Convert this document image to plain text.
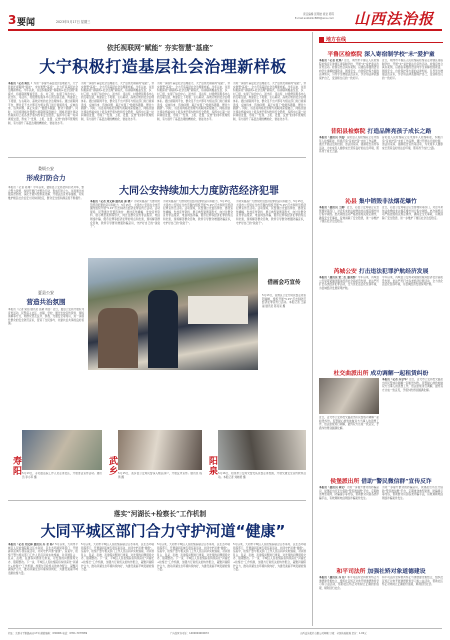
3 要闻	2023年5月17日 星期三
责任编辑 张明皓 视觉 郭琛
E-mail:sxzbzlkc888@sina.com 山西法治报
依托视联网“赋能” 夯实智慧“基座”
大宁积极打造基层社会治理新样板
本报讯（记者 陈红 ）为进一步提升基层社会治理能力，大宁县依托视联网“赋能”，夯实智慧“基座”，全力打造基层社会治理新样板。今年以来，该县积极探索“视联网+社会治理”新模式，将视联网覆盖至县、乡、村三级，实现了综治中心、派出所、司法所、村级便民服务中心的互联互通，构建起上下贯通、左右联动、高效运转的社会治理体系。通过视联网平台，群众足不出户即可与相关部门进行视频连线，反映诉求、咨询问题，真正实现了“数据多跑路、群众少跑腿”。同时，该县将网格化管理与视联网深度融合，网格员通过移动终端实时上报各类矛盾纠纷和安全隐患，指挥中心第一时间调度处置，形成了“发现、上报、处置、反馈”的闭环管理机制，有力提升了基层治理的精细化、智能化水平。
为进一步提升基层社会治理能力，大宁县依托视联网“赋能”，夯实智慧“基座”，全力打造基层社会治理新样板。今年以来，该县积极探索“视联网+社会治理”新模式，将视联网覆盖至县、乡、村三级，实现了综治中心、派出所、司法所、村级便民服务中心的互联互通，构建起上下贯通、左右联动、高效运转的社会治理体系。通过视联网平台，群众足不出户即可与相关部门进行视频连线，反映诉求、咨询问题，真正实现了“数据多跑路、群众少跑腿”。同时，该县将网格化管理与视联网深度融合，网格员通过移动终端实时上报各类矛盾纠纷和安全隐患，指挥中心第一时间调度处置，形成了“发现、上报、处置、反馈”的闭环管理机制，有力提升了基层治理的精细化、智能化水平。
为进一步提升基层社会治理能力，大宁县依托视联网“赋能”，夯实智慧“基座”，全力打造基层社会治理新样板。今年以来，该县积极探索“视联网+社会治理”新模式，将视联网覆盖至县、乡、村三级，实现了综治中心、派出所、司法所、村级便民服务中心的互联互通，构建起上下贯通、左右联动、高效运转的社会治理体系。通过视联网平台，群众足不出户即可与相关部门进行视频连线，反映诉求、咨询问题，真正实现了“数据多跑路、群众少跑腿”。同时，该县将网格化管理与视联网深度融合，网格员通过移动终端实时上报各类矛盾纠纷和安全隐患，指挥中心第一时间调度处置，形成了“发现、上报、处置、反馈”的闭环管理机制，有力提升了基层治理的精细化、智能化水平。
为进一步提升基层社会治理能力，大宁县依托视联网“赋能”，夯实智慧“基座”，全力打造基层社会治理新样板。今年以来，该县积极探索“视联网+社会治理”新模式，将视联网覆盖至县、乡、村三级，实现了综治中心、派出所、司法所、村级便民服务中心的互联互通，构建起上下贯通、左右联动、高效运转的社会治理体系。通过视联网平台，群众足不出户即可与相关部门进行视频连线，反映诉求、咨询问题，真正实现了“数据多跑路、群众少跑腿”。同时，该县将网格化管理与视联网深度融合，网格员通过移动终端实时上报各类矛盾纠纷和安全隐患，指挥中心第一时间调度处置，形成了“发现、上报、处置、反馈”的闭环管理机制，有力提升了基层治理的精细化、智能化水平。
娄烦公安
形成打防合力
本报讯（记者 陈靖）今年以来，娄烦县公安局坚持打防并举，整合警力资源，持续开展打击整治行动，形成打防合力。该局通过加强巡逻防控、深化矛盾纠纷排查化解、开展法治宣传等措施，切实维护辖区社会治安大局持续稳定，群众安全感和满意度不断提升。
夏县公安
营造共治氛围
本报讯（记者 梁茹 通讯员 张敏 刘佳）近日，夏县公安局开展系列宣传活动，民警深入社区、村镇、学校，通过发放宣传资料、现场讲解等方式，向群众普及反诈、禁毒、交通安全等知识，进一步提升群众的安全防范意识，营造了全民参与、共建共治共享的良好氛围。
大同公安持续加大力度防范经济犯罪
本报讯（记者 刘文林 通讯员 郭 晓 ）为切实提高广大群众防范经济犯罪的意识和能力，5月15日，大同市公安局在全市范围内组织开展“5·15”打击和防范经济犯罪宣传日活动。活动现场，民警通过设置咨询台、悬挂宣传横幅、发放宣传资料、展示典型案例等形式，向过往群众宣传非法集资、电信网络诈骗、假币犯罪等经济犯罪的特点和危害，现场解答群众咨询，教育引导群众增强防骗意识，守护好自己的“钱袋子”。
为切实提高广大群众防范经济犯罪的意识和能力，5月15日，大同市公安局在全市范围内组织开展“5·15”打击和防范经济犯罪宣传日活动。活动现场，民警通过设置咨询台、悬挂宣传横幅、发放宣传资料、展示典型案例等形式，向过往群众宣传非法集资、电信网络诈骗、假币犯罪等经济犯罪的特点和危害，现场解答群众咨询，教育引导群众增强防骗意识，守护好自己的“钱袋子”。
为切实提高广大群众防范经济犯罪的意识和能力，5月15日，大同市公安局在全市范围内组织开展“5·15”打击和防范经济犯罪宣传日活动。活动现场，民警通过设置咨询台、悬挂宣传横幅、发放宣传资料、展示典型案例等形式，向过往群众宣传非法集资、电信网络诈骗、假币犯罪等经济犯罪的特点和危害，现场解答群众咨询，教育引导群众增强防骗意识，守护好自己的“钱袋子”。
借画会巧宣传
5月13日，晋源区公安分局民警走进晋阳湖畔，组织开展“5·15”打击和防范经济犯罪宣传日活动。本报记者 王丽丽 通讯员 陈亮亮 摄
寿阳 5月13日，寿阳县法院工作人员走进社区，开展普法宣传活动。通讯员 李小军 摄
武乡 5月15日，武乡县公安局民警深入辖区商户，开展反诈宣传。通讯员 程 琦 摄
阳泉 5月16日，阳泉市公安局交警支队民警走进校园，开展交通安全宣传教育活动。本报记者 刘晓毅 摄
落实“河湖长+检察长”工作机制
大同平城区部门合力守护河道“健康”
本报讯（记者 刘文林 通讯员 苏 永 杨）5月以来，大同市平城区人民检察院联合区水务局、区生态环境局等部门，开展御河流域专项巡查活动，共同守护河道“健康”。巡查中，检察干警与相关部门工作人员沿河岸实地察看，对河道乱占、乱采、乱堆、乱建等问题进行排查，对发现的问题现场交办、限期整改。下一步，平城区人民检察院将持续深化“河湖长+检察长”工作机制，加强与行政机关的协作配合，凝聚河湖保护合力，推动河湖生态环境持续向好，为建设美丽平城贡献检察力量。
5月以来，大同市平城区人民检察院联合区水务局、区生态环境局等部门，开展御河流域专项巡查活动，共同守护河道“健康”。巡查中，检察干警与相关部门工作人员沿河岸实地察看，对河道乱占、乱采、乱堆、乱建等问题进行排查，对发现的问题现场交办、限期整改。下一步，平城区人民检察院将持续深化“河湖长+检察长”工作机制，加强与行政机关的协作配合，凝聚河湖保护合力，推动河湖生态环境持续向好，为建设美丽平城贡献检察力量。
5月以来，大同市平城区人民检察院联合区水务局、区生态环境局等部门，开展御河流域专项巡查活动，共同守护河道“健康”。巡查中，检察干警与相关部门工作人员沿河岸实地察看，对河道乱占、乱采、乱堆、乱建等问题进行排查，对发现的问题现场交办、限期整改。下一步，平城区人民检察院将持续深化“河湖长+检察长”工作机制，加强与行政机关的协作配合，凝聚河湖保护合力，推动河湖生态环境持续向好，为建设美丽平城贡献检察力量。
5月以来，大同市平城区人民检察院联合区水务局、区生态环境局等部门，开展御河流域专项巡查活动，共同守护河道“健康”。巡查中，检察干警与相关部门工作人员沿河岸实地察看，对河道乱占、乱采、乱堆、乱建等问题进行排查，对发现的问题现场交办、限期整改。下一步，平城区人民检察院将持续深化“河湖长+检察长”工作机制，加强与行政机关的协作配合，凝聚河湖保护合力，推动河湖生态环境持续向好，为建设美丽平城贡献检察力量。
社址：太原市平阳路南巷17号 邮政编码：030006 电话：0351-7073589	广告经营许可证：1400004000072	山西法治报社有限公司印刷 订阅：全国各地邮局 定价：1.00元
地方在线
平鲁区检察院 深入寄宿制学校“未”爱护童
本报讯（记者 杜瑛）近日，朔州市平鲁区人民检察院检察官走进辖区寄宿制学校，开展“未”爱护童法治宣传活动。检察官结合真实案例，以通俗易懂的语言向学生讲解校园欺凌、网络安全、自我保护等方面的法律知识，引导学生增强法治意识，学会用法律武器保护自己，受到师生们的一致好评。
近日，朔州市平鲁区人民检察院检察官走进辖区寄宿制学校，开展“未”爱护童法治宣传活动。检察官结合真实案例，以通俗易懂的语言向学生讲解校园欺凌、网络安全、自我保护等方面的法律知识，引导学生增强法治意识，学会用法律武器保护自己，受到师生们的一致好评。
昔阳县检察院 打造品牌亮孩子成长之路
本报讯（通讯员 李霞）昔阳县人民检察院立足未成年人检察职能，积极打造“昔检护苗”未检工作品牌，通过开展法治进校园、送法进家庭、强制报告宣传等活动，为未成年人健康成长营造良好的法治环境，照亮孩子成长之路。
昔阳县人民检察院立足未成年人检察职能，积极打造“昔检护苗”未检工作品牌，通过开展法治进校园、送法进家庭、强制报告宣传等活动，为未成年人健康成长营造良好的法治环境，照亮孩子成长之路。
沁县 集中销毁非法烟花爆竹
本报讯（通讯员 王刚）近日，沁县公安局联合应急管理局等部门，对近年来依法收缴的非法烟花爆竹进行集中销毁。此次销毁活动严格按照相关规定操作，确保安全无事故，有效消除了安全隐患，进一步维护了辖区社会治安稳定。
近日，沁县公安局联合应急管理局等部门，对近年来依法收缴的非法烟花爆竹进行集中销毁。此次销毁活动严格按照相关规定操作，确保安全无事故，有效消除了安全隐患，进一步维护了辖区社会治安稳定。
芮城公安 打击违法犯罪护航经济发展
本报讯（通讯员 张二红 谢永胜）今年以来，芮城县公安局紧紧围绕服务经济社会高质量发展，依法严厉打击各类经济犯罪活动，全力优化法治化营商环境，为县域经济发展保驾护航。
今年以来，芮城县公安局紧紧围绕服务经济社会高质量发展，依法严厉打击各类经济犯罪活动，全力优化法治化营商环境，为县域经济发展保驾护航。
杜交曲派出所 成功调解一起租赁纠纷
本报讯（记者 乔金华）近日，古交市公安局杜交曲派出所民警成功调解一起租赁纠纷。民警耐心细致地做双方当事人的思想工作，依法依规进行调解，最终双方达成一致意见，矛盾纠纷得到圆满化解。
近日，古交市公安局杜交曲派出所民警成功调解一起租赁纠纷。民警耐心细致地做双方当事人的思想工作，依法依规进行调解，最终双方达成一致意见，矛盾纠纷得到圆满化解。
侯堡派出所 借助“警民微信群”宣传反诈
本报讯（通讯员 林宏）为进一步提升群众的防骗意识，侯堡派出所充分借助“警民微信群”平台，定期推送典型案例、防骗提示等内容，帮助群众识别各类诈骗手法，有效遏制电信网络诈骗案件发生。
为进一步提升群众的防骗意识，侯堡派出所充分借助“警民微信群”平台，定期推送典型案例、防骗提示等内容，帮助群众识别各类诈骗手法，有效遏制电信网络诈骗案件发生。
和平司法所 加强社矫对象道德建设
本报讯（通讯员 乔 佳）和平司法所坚持教育矫正与道德建设相结合，组织社区矫正对象开展道德教育学习和公益活动，帮助社区矫正对象树立正确的价值观，顺利回归社会。
和平司法所坚持教育矫正与道德建设相结合，组织社区矫正对象开展道德教育学习和公益活动，帮助社区矫正对象树立正确的价值观，顺利回归社会。
